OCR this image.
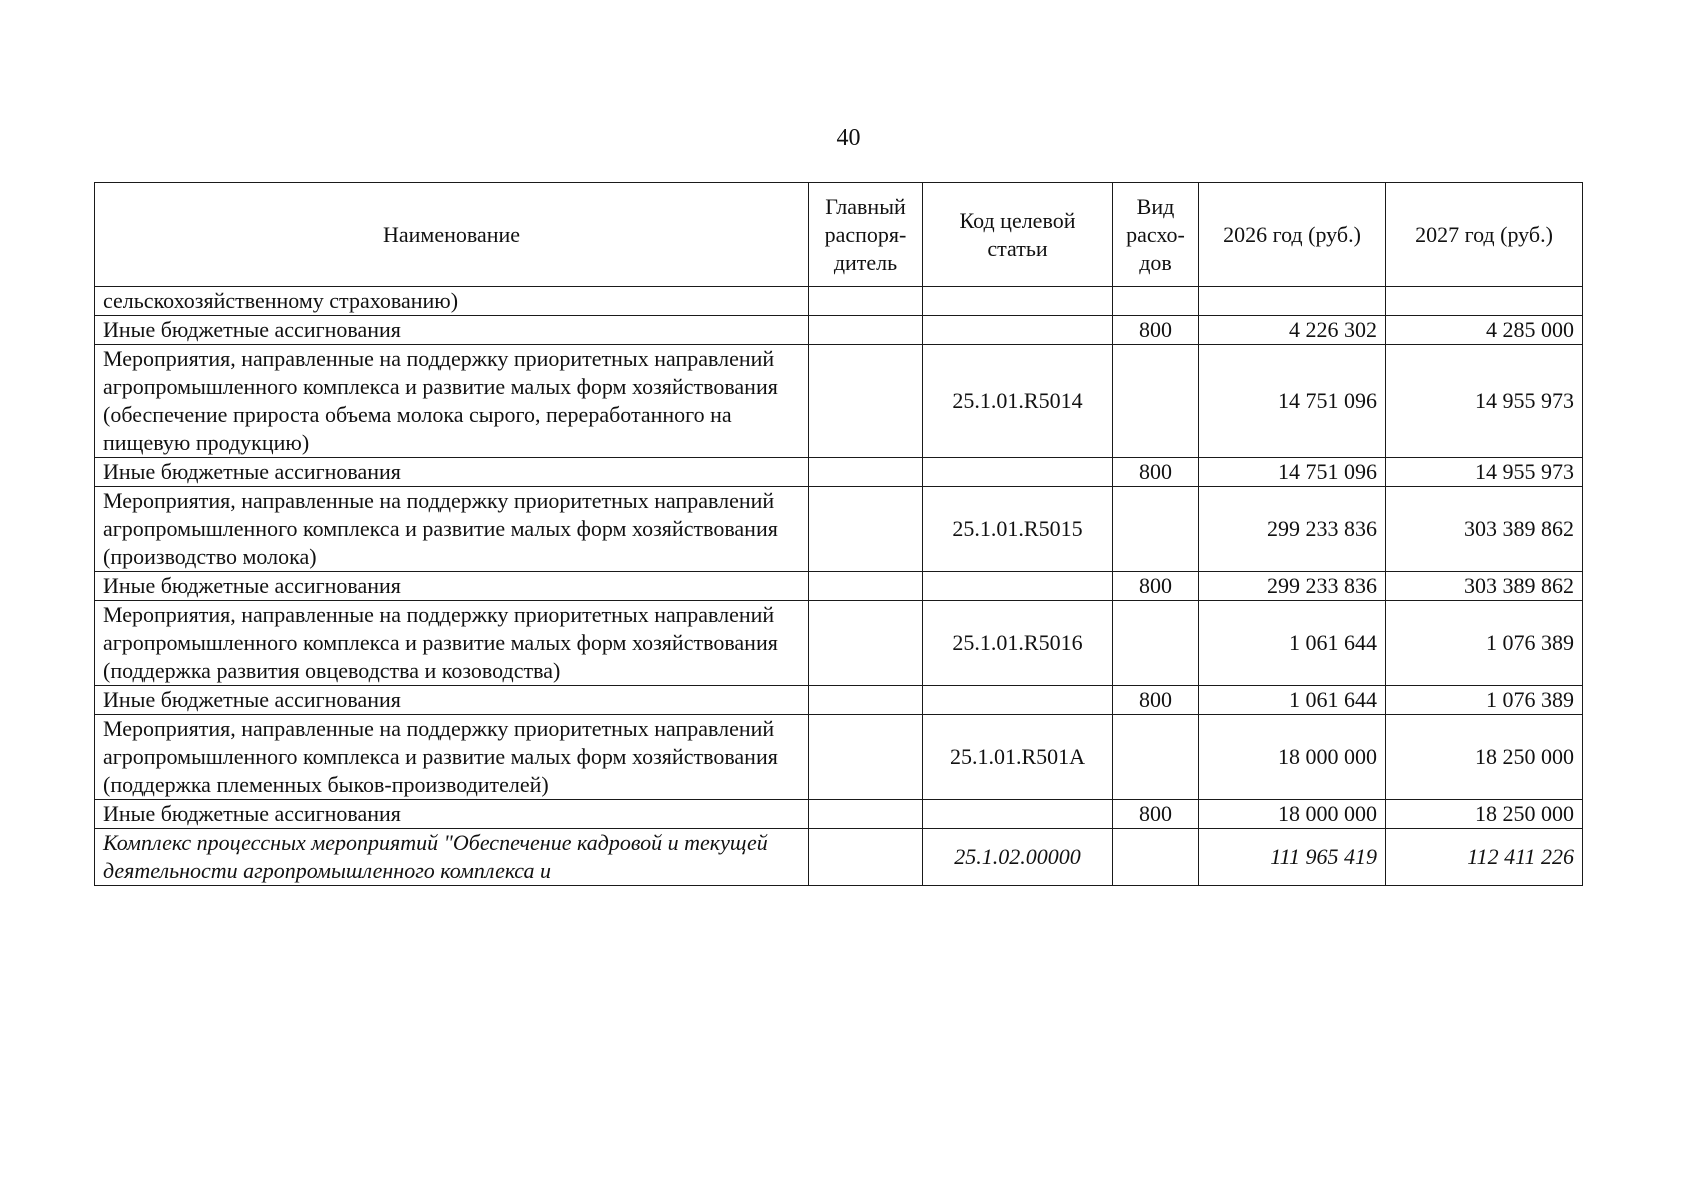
40
Наименование	Главный распоря-дитель	Код целевой статьи	Вид расхо-дов	2026 год (руб.)	2027 год (руб.)
сельскохозяйственному страхованию)					
Иные бюджетные ассигнования			800	4 226 302	4 285 000
Мероприятия, направленные на поддержку приоритетных направлений агропромышленного комплекса и развитие малых форм хозяйствования (обеспечение прироста объема молока сырого, переработанного на пищевую продукцию)		25.1.01.R5014		14 751 096	14 955 973
Иные бюджетные ассигнования			800	14 751 096	14 955 973
Мероприятия, направленные на поддержку приоритетных направлений агропромышленного комплекса и развитие малых форм хозяйствования (производство молока)		25.1.01.R5015		299 233 836	303 389 862
Иные бюджетные ассигнования			800	299 233 836	303 389 862
Мероприятия, направленные на поддержку приоритетных направлений агропромышленного комплекса и развитие малых форм хозяйствования (поддержка развития овцеводства и козоводства)		25.1.01.R5016		1 061 644	1 076 389
Иные бюджетные ассигнования			800	1 061 644	1 076 389
Мероприятия, направленные на поддержку приоритетных направлений агропромышленного комплекса и развитие малых форм хозяйствования (поддержка племенных быков-производителей)		25.1.01.R501A		18 000 000	18 250 000
Иные бюджетные ассигнования			800	18 000 000	18 250 000
Комплекс процессных мероприятий "Обеспечение кадровой и текущей деятельности агропромышленного комплекса и		25.1.02.00000		111 965 419	112 411 226
